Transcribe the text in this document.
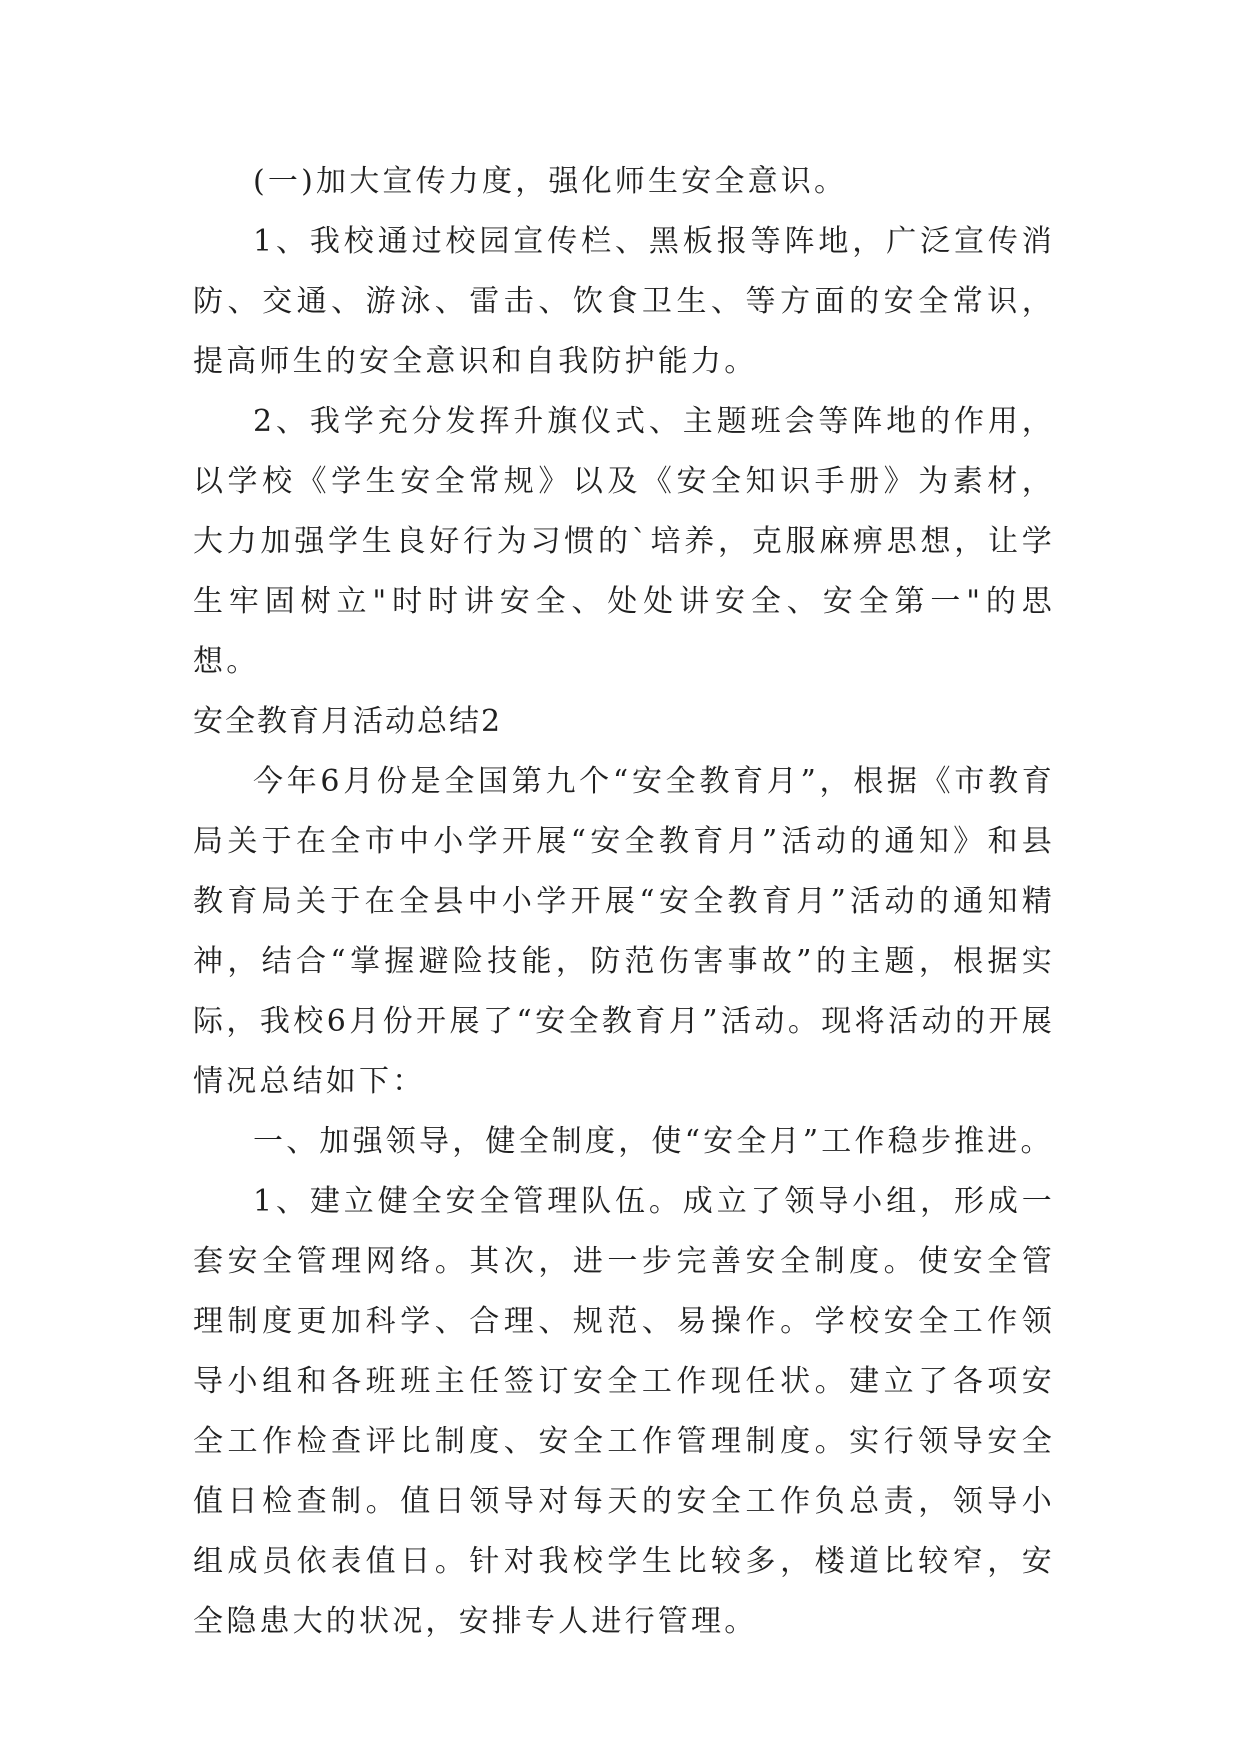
(一)加大宣传力度，强化师生安全意识。

1、我校通过校园宣传栏、黑板报等阵地，广泛宣传消防、交通、游泳、雷击、饮食卫生、等方面的安全常识，提高师生的安全意识和自我防护能力。

2、我学充分发挥升旗仪式、主题班会等阵地的作用，以学校《学生安全常规》以及《安全知识手册》为素材，大力加强学生良好行为习惯的`培养，克服麻痹思想，让学生牢固树立"时时讲安全、处处讲安全、安全第一"的思想。

安全教育月活动总结2

今年6月份是全国第九个“安全教育月”，根据《市教育局关于在全市中小学开展“安全教育月”活动的通知》和县教育局关于在全县中小学开展“安全教育月”活动的通知精神，结合“掌握避险技能，防范伤害事故”的主题，根据实际，我校6月份开展了“安全教育月”活动。现将活动的开展情况总结如下：

一、加强领导，健全制度，使“安全月”工作稳步推进。

1、建立健全安全管理队伍。成立了领导小组，形成一套安全管理网络。其次，进一步完善安全制度。使安全管理制度更加科学、合理、规范、易操作。学校安全工作领导小组和各班班主任签订安全工作现任状。建立了各项安全工作检查评比制度、安全工作管理制度。实行领导安全值日检查制。值日领导对每天的安全工作负总责，领导小组成员依表值日。针对我校学生比较多，楼道比较窄，安全隐患大的状况，安排专人进行管理。
